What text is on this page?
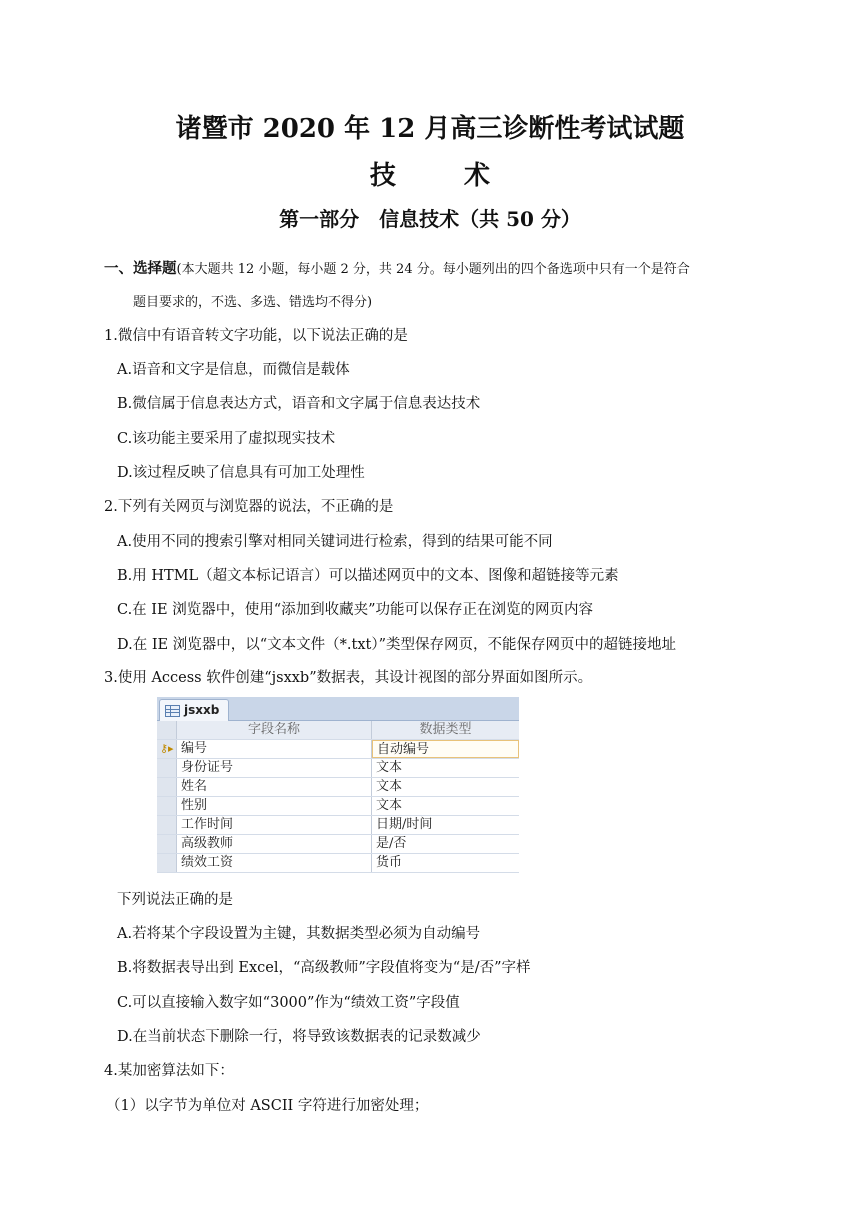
诸暨市 2020 年 12 月高三诊断性考试试题
技	术
第一部分　信息技术（共 50 分）
一、选择题(本大题共 12 小题，每小题 2 分，共 24 分。每小题列出的四个备选项中只有一个是符合
题目要求的，不选、多选、错选均不得分)
1.微信中有语音转文字功能，以下说法正确的是
A.语音和文字是信息，而微信是载体
B.微信属于信息表达方式，语音和文字属于信息表达技术
C.该功能主要采用了虚拟现实技术
D.该过程反映了信息具有可加工处理性
2.下列有关网页与浏览器的说法，不正确的是
A.使用不同的搜索引擎对相同关键词进行检索，得到的结果可能不同
B.用 HTML（超文本标记语言）可以描述网页中的文本、图像和超链接等元素
C.在 IE 浏览器中，使用“添加到收藏夹”功能可以保存正在浏览的网页内容
D.在 IE 浏览器中，以“文本文件（*.txt）”类型保存网页，不能保存网页中的超链接地址
3.使用 Access 软件创建“jsxxb”数据表，其设计视图的部分界面如图所示。
jsxxb
字段名称	数据类型
⚷▸ 编号	自动编号
身份证号	文本
姓名	文本
性别	文本
工作时间	日期/时间
高级教师	是/否
绩效工资	货币
下列说法正确的是
A.若将某个字段设置为主键，其数据类型必须为自动编号
B.将数据表导出到 Excel，“高级教师”字段值将变为“是/否”字样
C.可以直接输入数字如“3000”作为“绩效工资”字段值
D.在当前状态下删除一行，将导致该数据表的记录数减少
4.某加密算法如下：
（1）以字节为单位对 ASCII 字符进行加密处理；
